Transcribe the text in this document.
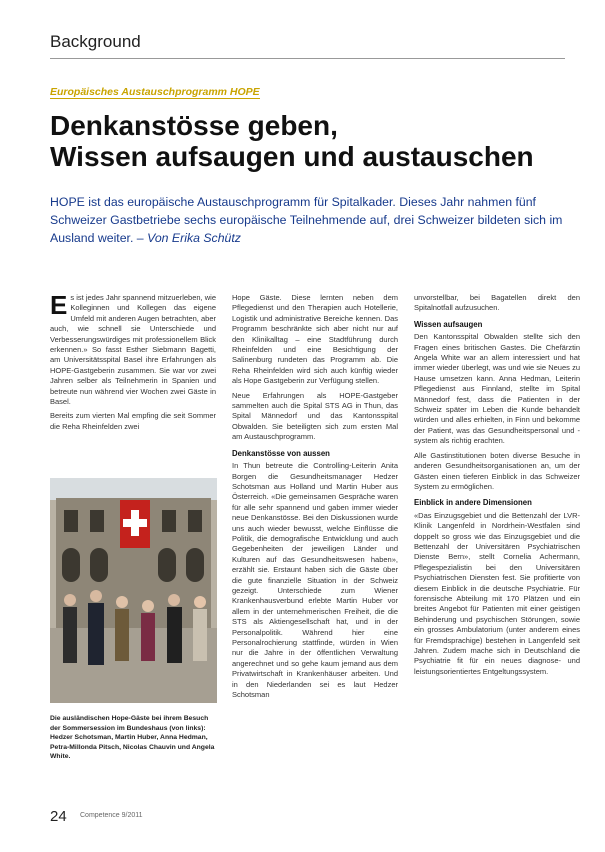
Background
Europäisches Austauschprogramm HOPE
Denkanstösse geben,
Wissen aufsaugen und austauschen
HOPE ist das europäische Austauschprogramm für Spitalkader. Dieses Jahr nahmen fünf Schweizer Gastbetriebe sechs europäische Teilnehmende auf, drei Schweizer bildeten sich im Ausland weiter. – Von Erika Schütz

Es ist jedes Jahr spannend mitzuerleben, wie Kolleginnen und Kollegen das eigene Umfeld mit anderen Augen betrachten, aber auch, wie schnell sie Unterschiede und Verbesserungswürdiges mit professionellem Blick erkennen.» So fasst Esther Siebmann Bagetti, am Universitätsspital Basel ihre Erfahrungen als HOPE-Gastgeberin zusammen. Sie war vor zwei Jahren selber als Teilnehmerin in Spanien und betreute nun während vier Wochen zwei Gäste in Basel.

Bereits zum vierten Mal empfing die seit Sommer die Reha Rheinfelden zwei

Die ausländischen Hope-Gäste bei ihrem Besuch der Sommersession im Bundeshaus (von links): Hedzer Schotsman, Martin Huber, Anna Hedman, Petra-Millonda Pitsch, Nicolas Chauvin und Angela White.

Hope Gäste. Diese lernten neben dem Pflegedienst und den Therapien auch Hotellerie, Logistik und administrative Bereiche kennen. Das Programm beschränkte sich aber nicht nur auf den Klinikalltag – eine Stadtführung durch Rheinfelden und eine Besichtigung der Salinenburg rundeten das Programm ab. Die Reha Rheinfelden wird sich auch künftig wieder als Hope Gastgeberin zur Verfügung stellen.

Neue Erfahrungen als HOPE-Gastgeber sammelten auch die Spital STS AG in Thun, das Spital Männedorf und das Kantonsspital Obwalden. Sie beteiligten sich zum ersten Mal am Austauschprogramm.

Denkanstösse von aussen

In Thun betreute die Controlling-Leiterin Anita Borgen die Gesundheitsmanager Hedzer Schotsman aus Holland und Martin Huber aus Österreich. «Die gemeinsamen Gespräche waren für alle sehr spannend und gaben immer wieder neue Denkanstösse. Bei den Diskussionen wurde uns auch wieder bewusst, welche Einflüsse die Politik, die demografische Entwicklung und auch Gegebenheiten der jeweiligen Länder und Kulturen auf das Gesundheitswesen haben», erzählt sie. Erstaunt haben sich die Gäste über die gute finanzielle Situation in der Schweiz gezeigt. Unterschiede zum Wiener Krankenhausverbund erlebte Martin Huber vor allem in der unternehmerischen Freiheit, die die STS als Aktiengesellschaft hat, und in der Personalpolitik. Während hier eine Personalrochierung stattfinde, würden in Wien nur die Jahre in der öffentlichen Verwaltung angerechnet und so gehe kaum jemand aus dem Privatwirtschaft in Krankenhäuser arbeiten. Und in den Niederlanden sei es laut Hedzer Schotsman

unvorstellbar, bei Bagatellen direkt den Spitalnotfall aufzusuchen.

Wissen aufsaugen

Den Kantonsspital Obwalden stellte sich den Fragen eines britischen Gastes. Die Chefärztin Angela White war an allem interessiert und hat immer wieder überlegt, was und wie sie Neues zu Hause umsetzen kann. Anna Hedman, Leiterin Pflegedienst aus Finnland, stellte im Spital Männedorf fest, dass die Patienten in der Schweiz später im Leben die Kunde behandelt würden und alles erhielten, in Finn und bekomme der Patient, was das Gesundheitspersonal und -system als richtig erachten.

Alle Gastinstitutionen boten diverse Besuche in anderen Gesundheitsorganisationen an, um der Gästen einen tieferen Einblick in das Schweizer System zu ermöglichen.

Einblick in andere Dimensionen

«Das Einzugsgebiet und die Bettenzahl der LVR-Klinik Langenfeld in Nordrhein-Westfalen sind doppelt so gross wie das Einzugsgebiet und die Bettenzahl der Universitären Psychiatrischen Dienste Bern», stellt Cornelia Achermann, Pflegespezialistin bei den Universitären Psychiatrischen Diensten fest. Sie profitierte von diesem Einblick in die deutsche Psychiatrie. Für forensische Abteilung mit 170 Plätzen und ein breites Angebot für Patienten mit einer geistigen Behinderung und psychischen Störungen, sowie ein grosses Ambulatorium (unter anderem eines für Fremdsprachige) bestehen in Langenfeld seit Jahren. Zudem mache sich in Deutschland die Psychiatrie fit für ein neues diagnose- und leistungsorientiertes Entgeltungssystem.

24 Competence 9/2011
